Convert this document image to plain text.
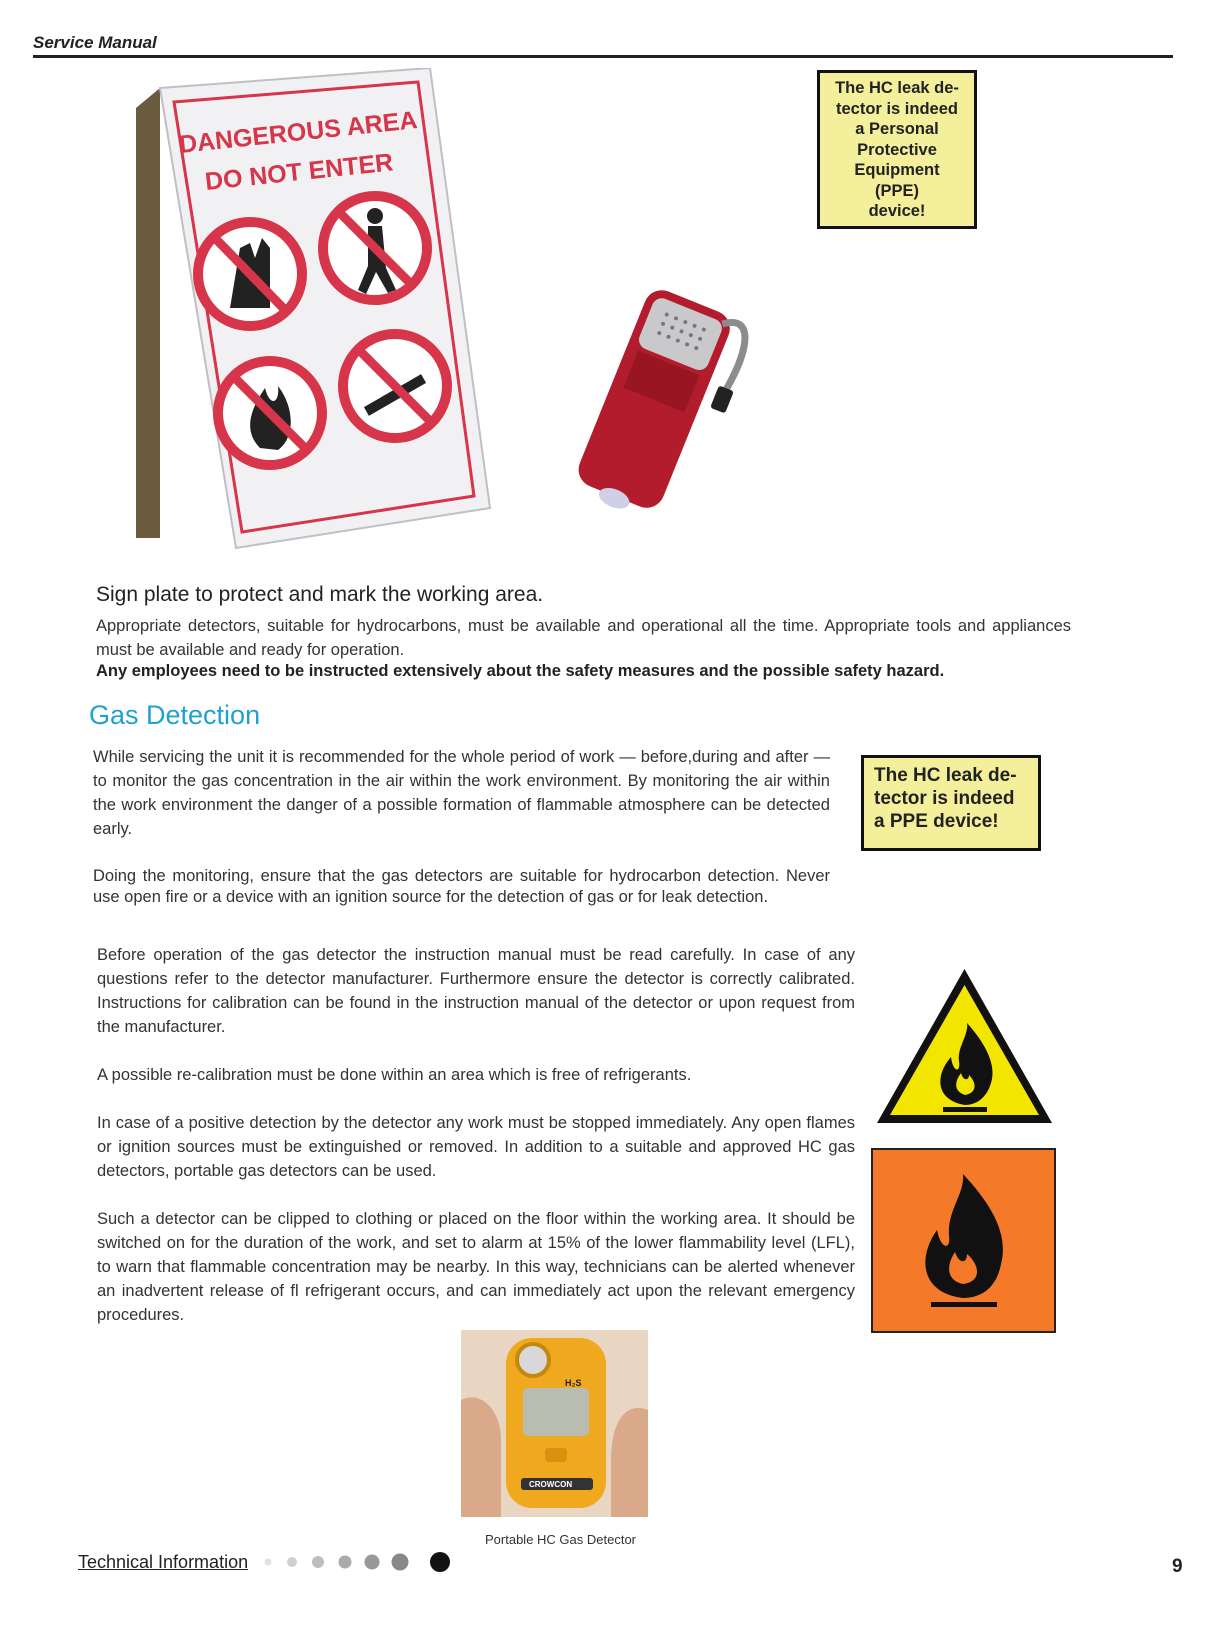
Service Manual
DANGEROUS AREA
DO NOT ENTER
The HC leak de-
tector is indeed
a Personal
Protective
Equipment
(PPE)
device!
Sign plate to protect and mark the working area.
Appropriate detectors, suitable for hydrocarbons, must be available and operational all the time. Appropriate tools and appliances must be available and ready for operation.
Any employees need to be instructed extensively about the safety measures and the possible safety hazard.
Gas Detection
While servicing the unit it is recommended for the whole period of work — before,during and after — to monitor the gas concentration in the air within the work environment. By monitoring the air within the work environment the danger of a possible formation of flammable atmosphere can be detected early.
The HC leak de-
tector is indeed
a PPE device!
Doing the monitoring, ensure that the gas detectors are suitable for hydrocarbon detection. Never use open fire or a device with an ignition source for the detection of gas or for leak detection.
Before operation of the gas detector the instruction manual must be read carefully. In case of any questions refer to the detector manufacturer. Furthermore ensure the detector is correctly calibrated. Instructions for calibration can be found in the instruction manual of the detector or upon request from the manufacturer.
A possible re-calibration must be done within an area which is free of refrigerants.
In case of a positive detection by the detector any work must be stopped immediately. Any open flames or ignition sources must be extinguished or removed. In addition to a suitable and approved HC gas detectors, portable gas detectors can be used.
Such a detector can be clipped to clothing or placed on the floor within the working area. It should be switched on for the duration of the work, and set to alarm at 15% of the lower flammability level (LFL), to warn that flammable concentration may be nearby. In this way, technicians can be alerted whenever an inadvertent release of fl refrigerant occurs, and can immediately act upon the relevant emergency procedures.
H₂S
CROWCON
Portable HC Gas Detector
Technical Information	9
